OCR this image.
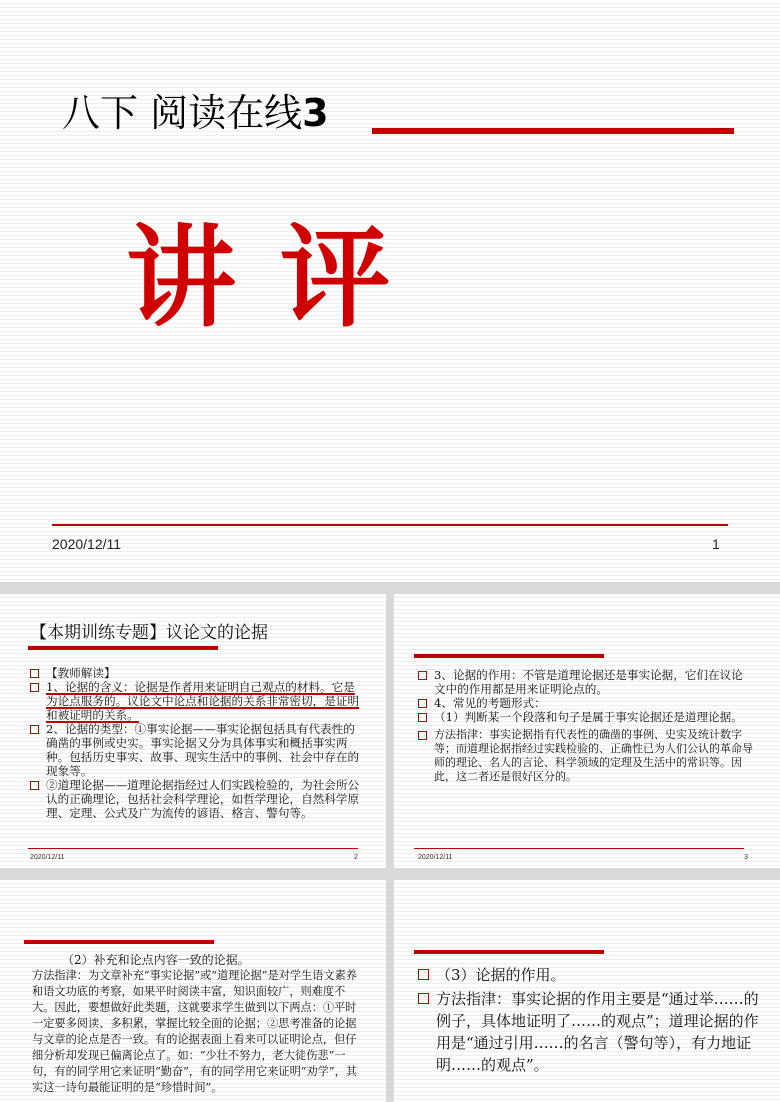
八下 阅读在线3
讲评
2020/12/11	1
【本期训练专题】议论文的论据
【教师解读】
1、论据的含义：论据是作者用来证明自己观点的材料。它是为论点服务的。议论文中论点和论据的关系非常密切，是证明和被证明的关系。
2、论据的类型：①事实论据——事实论据包括具有代表性的确凿的事例或史实。事实论据又分为具体事实和概括事实两种。包括历史事实、故事、现实生活中的事例、社会中存在的现象等。
②道理论据——道理论据指经过人们实践检验的，为社会所公认的正确理论，包括社会科学理论，如哲学理论，自然科学原理、定理、公式及广为流传的谚语、格言、警句等。
2020/12/11	2
3、论据的作用：不管是道理论据还是事实论据，它们在议论文中的作用都是用来证明论点的。
4、常见的考题形式：
（1）判断某一个段落和句子是属于事实论据还是道理论据。
方法指津：事实论据指有代表性的确凿的事例、史实及统计数字等；而道理论据指经过实践检验的、正确性已为人们公认的革命导师的理论、名人的言论、科学领域的定理及生活中的常识等。因此，这二者还是很好区分的。
2020/12/11	3
（2）补充和论点内容一致的论据。
方法指津：为文章补充“事实论据”或“道理论据”是对学生语文素养和语文功底的考察，如果平时阅读丰富，知识面较广，则难度不大。因此，要想做好此类题，这就要求学生做到以下两点：①平时一定要多阅读、多积累，掌握比较全面的论据；②思考准备的论据与文章的论点是否一致。有的论据表面上看来可以证明论点，但仔细分析却发现已偏离论点了。如：“少壮不努力，老大徒伤悲”一句，有的同学用它来证明“勤奋”，有的同学用它来证明“劝学”，其实这一诗句最能证明的是“珍惜时间”。
（3）论据的作用。
方法指津：事实论据的作用主要是“通过举……的例子，具体地证明了……的观点”；道理论据的作用是“通过引用……的名言（警句等），有力地证明……的观点”。
